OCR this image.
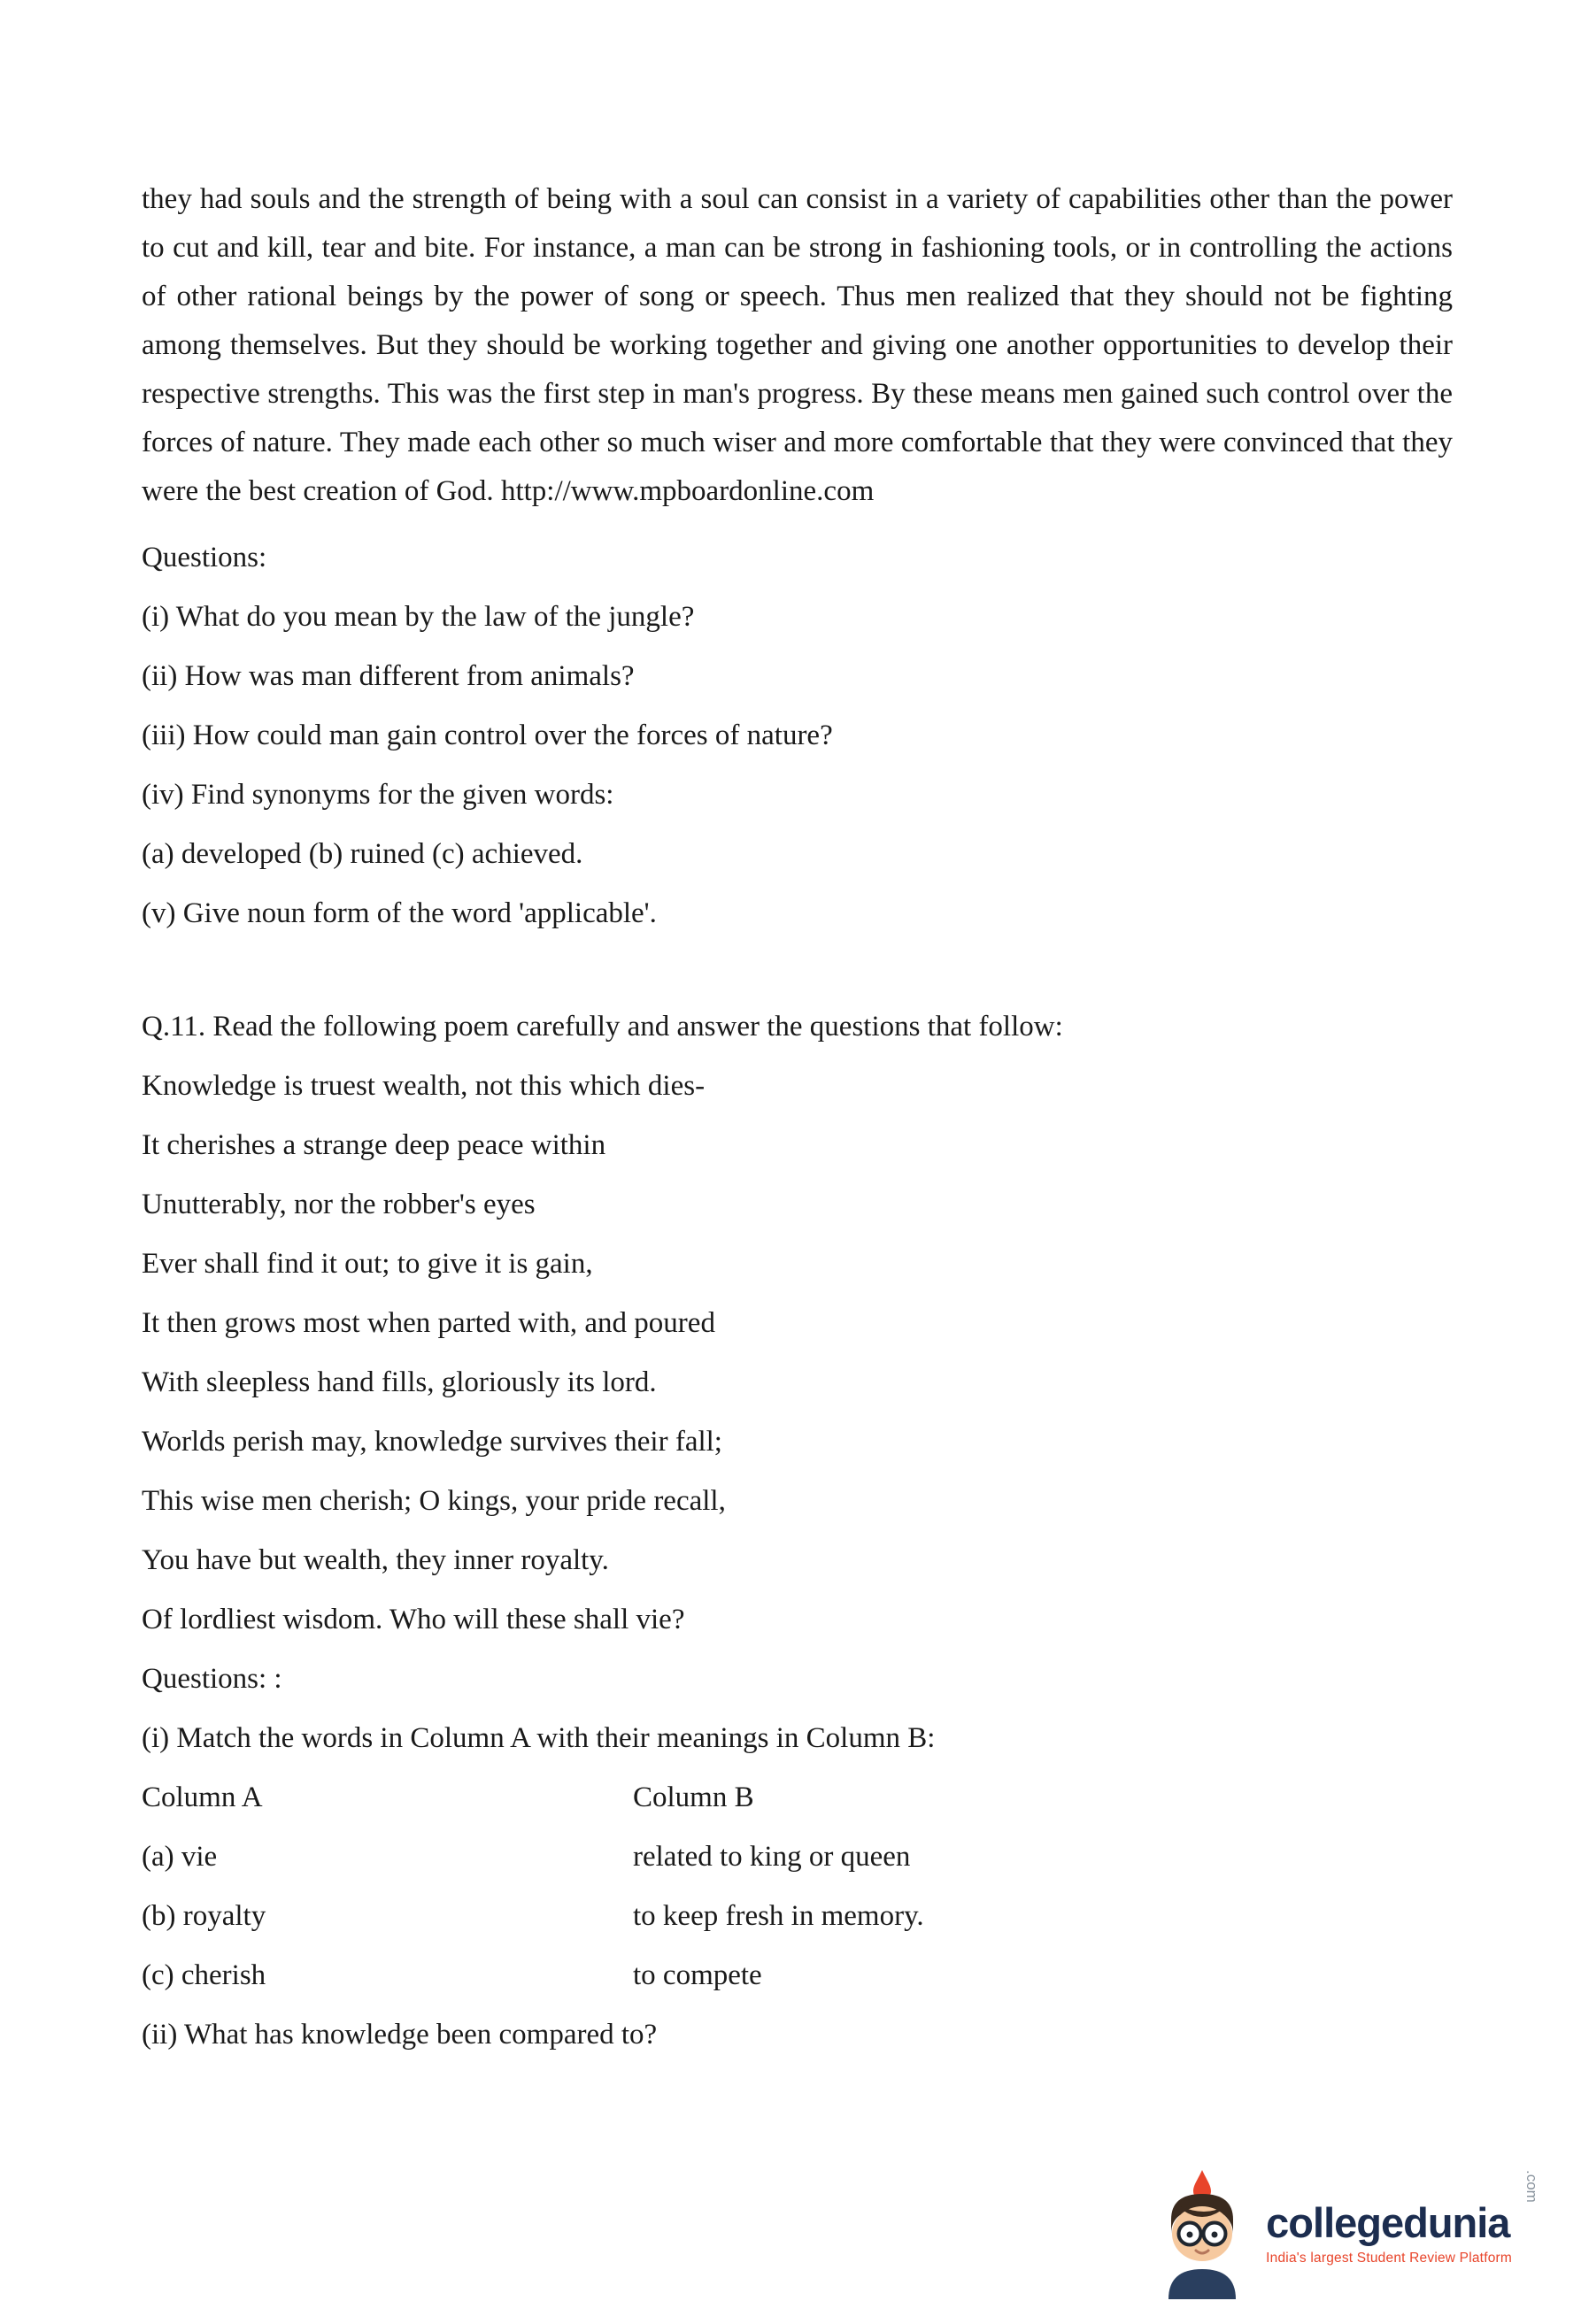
they had souls and the strength of being with a soul can consist in a variety of capabilities other than the power to cut and kill, tear and bite. For instance, a man can be strong in fashioning tools, or in controlling the actions of other rational beings by the power of song or speech. Thus men realized that they should not be fighting among themselves. But they should be working together and giving one another opportunities to develop their respective strengths. This was the first step in man's progress. By these means men gained such control over the forces of nature. They made each other so much wiser and more comfortable that they were convinced that they were the best creation of God. http://www.mpboardonline.com

Questions:
(i) What do you mean by the law of the jungle?
(ii) How was man different from animals?
(iii) How could man gain control over the forces of nature?
(iv) Find synonyms for the given words:
(a) developed (b) ruined (c) achieved.
(v) Give noun form of the word 'applicable'.
Q.11. Read the following poem carefully and answer the questions that follow:
Knowledge is truest wealth, not this which dies-
It cherishes a strange deep peace within
Unutterably, nor the robber's eyes
Ever shall find it out; to give it is gain,
It then grows most when parted with, and poured
With sleepless hand fills, gloriously its lord.
Worlds perish may, knowledge survives their fall;
This wise men cherish; O kings, your pride recall,
You have but wealth, they inner royalty.
Of lordliest wisdom. Who will these shall vie?
Questions: :
(i) Match the words in Column A with their meanings in Column B:
Column A	Column B
(a) vie	related to king or queen
(b) royalty	to keep fresh in memory.
(c) cherish	to compete
(ii) What has knowledge been compared to?
collegedunia
India's largest Student Review Platform
.com
